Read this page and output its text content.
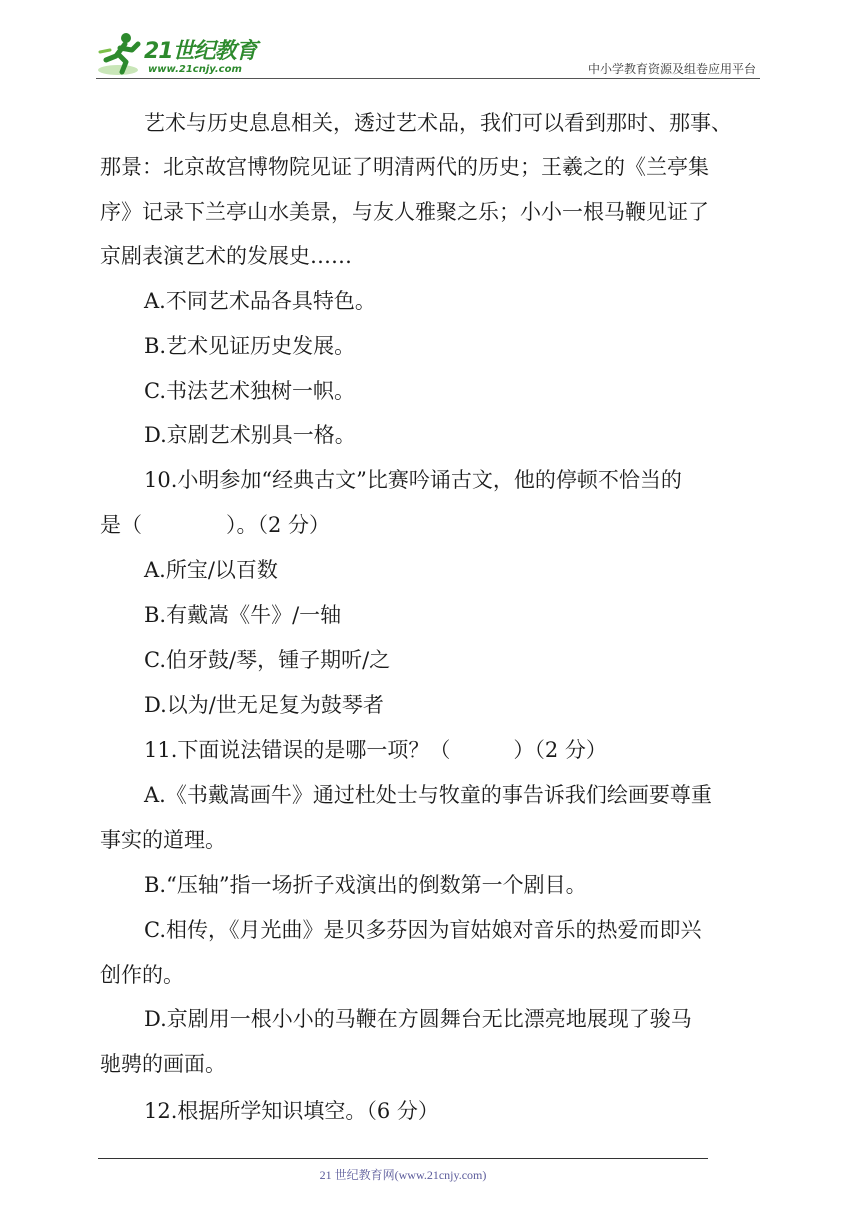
21世纪教育
www.21cnjy.com	中小学教育资源及组卷应用平台
艺术与历史息息相关，透过艺术品，我们可以看到那时、那事、
那景：北京故宫博物院见证了明清两代的历史；王羲之的《兰亭集
序》记录下兰亭山水美景，与友人雅聚之乐；小小一根马鞭见证了
京剧表演艺术的发展史……
A.不同艺术品各具特色。
B.艺术见证历史发展。
C.书法艺术独树一帜。
D.京剧艺术别具一格。
10.小明参加“经典古文”比赛吟诵古文，他的停顿不恰当的
是（　　　　）。（2 分）
A.所宝/以百数
B.有戴嵩《牛》/一轴
C.伯牙鼓/琴，锺子期听/之
D.以为/世无足复为鼓琴者
11.下面说法错误的是哪一项？（　　　）（2 分）
A.《书戴嵩画牛》通过杜处士与牧童的事告诉我们绘画要尊重
事实的道理。
B.“压轴”指一场折子戏演出的倒数第一个剧目。
C.相传，《月光曲》是贝多芬因为盲姑娘对音乐的热爱而即兴
创作的。
D.京剧用一根小小的马鞭在方圆舞台无比漂亮地展现了骏马
驰骋的画面。
12.根据所学知识填空。（6 分）
21 世纪教育网(www.21cnjy.com)
